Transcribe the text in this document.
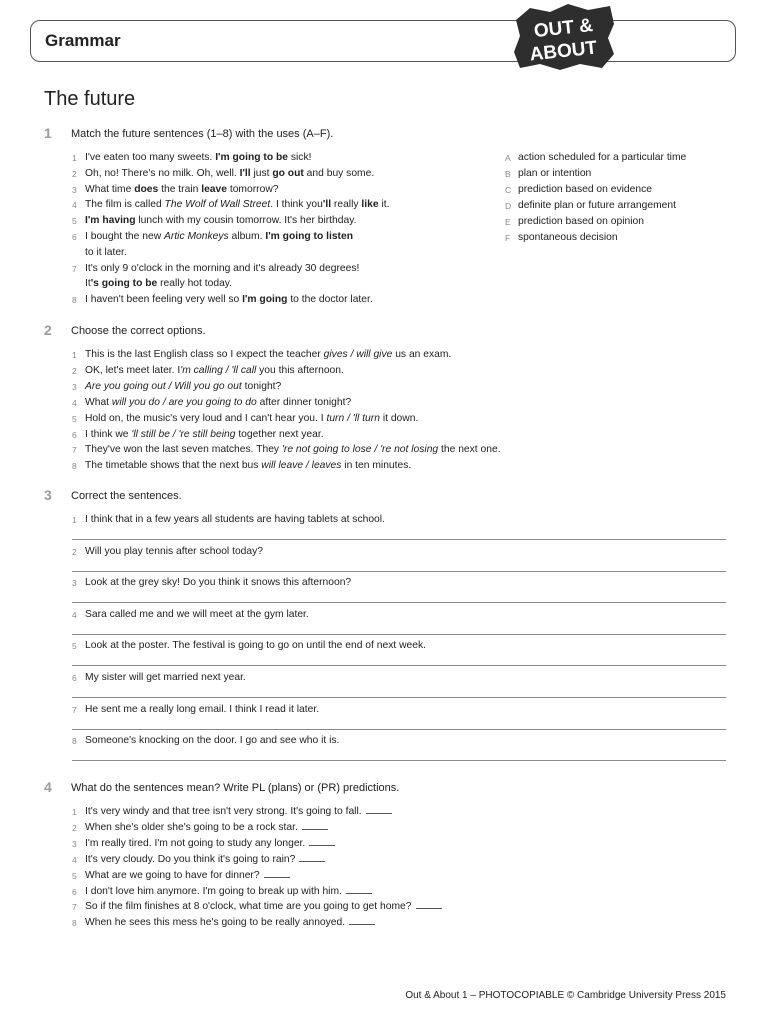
Grammar	OUT &
ABOUT
The future
1 Match the future sentences (1–8) with the uses (A–F).
1 I've eaten too many sweets. I'm going to be sick!
2 Oh, no! There's no milk. Oh, well. I'll just go out and buy some.
3 What time does the train leave tomorrow?
4 The film is called The Wolf of Wall Street. I think you'll really like it.
5 I'm having lunch with my cousin tomorrow. It's her birthday.
6 I bought the new Artic Monkeys album. I'm going to listen
to it later.
7 It's only 9 o'clock in the morning and it's already 30 degrees!
It's going to be really hot today.
8 I haven't been feeling very well so I'm going to the doctor later.
A action scheduled for a particular time
B plan or intention
C prediction based on evidence
D definite plan or future arrangement
E prediction based on opinion
F spontaneous decision
2 Choose the correct options.
1 This is the last English class so I expect the teacher gives / will give us an exam.
2 OK, let's meet later. I'm calling / 'll call you this afternoon.
3 Are you going out / Will you go out tonight?
4 What will you do / are you going to do after dinner tonight?
5 Hold on, the music's very loud and I can't hear you. I turn / 'll turn it down.
6 I think we 'll still be / 're still being together next year.
7 They've won the last seven matches. They 're not going to lose / 're not losing the next one.
8 The timetable shows that the next bus will leave / leaves in ten minutes.
3 Correct the sentences.
1 I think that in a few years all students are having tablets at school.
2 Will you play tennis after school today?
3 Look at the grey sky! Do you think it snows this afternoon?
4 Sara called me and we will meet at the gym later.
5 Look at the poster. The festival is going to go on until the end of next week.
6 My sister will get married next year.
7 He sent me a really long email. I think I read it later.
8 Someone's knocking on the door. I go and see who it is.
4 What do the sentences mean? Write PL (plans) or (PR) predictions.
1 It's very windy and that tree isn't very strong. It's going to fall.
2 When she's older she's going to be a rock star.
3 I'm really tired. I'm not going to study any longer.
4 It's very cloudy. Do you think it's going to rain?
5 What are we going to have for dinner?
6 I don't love him anymore. I'm going to break up with him.
7 So if the film finishes at 8 o'clock, what time are you going to get home?
8 When he sees this mess he's going to be really annoyed.
Out & About 1 – PHOTOCOPIABLE © Cambridge University Press 2015
